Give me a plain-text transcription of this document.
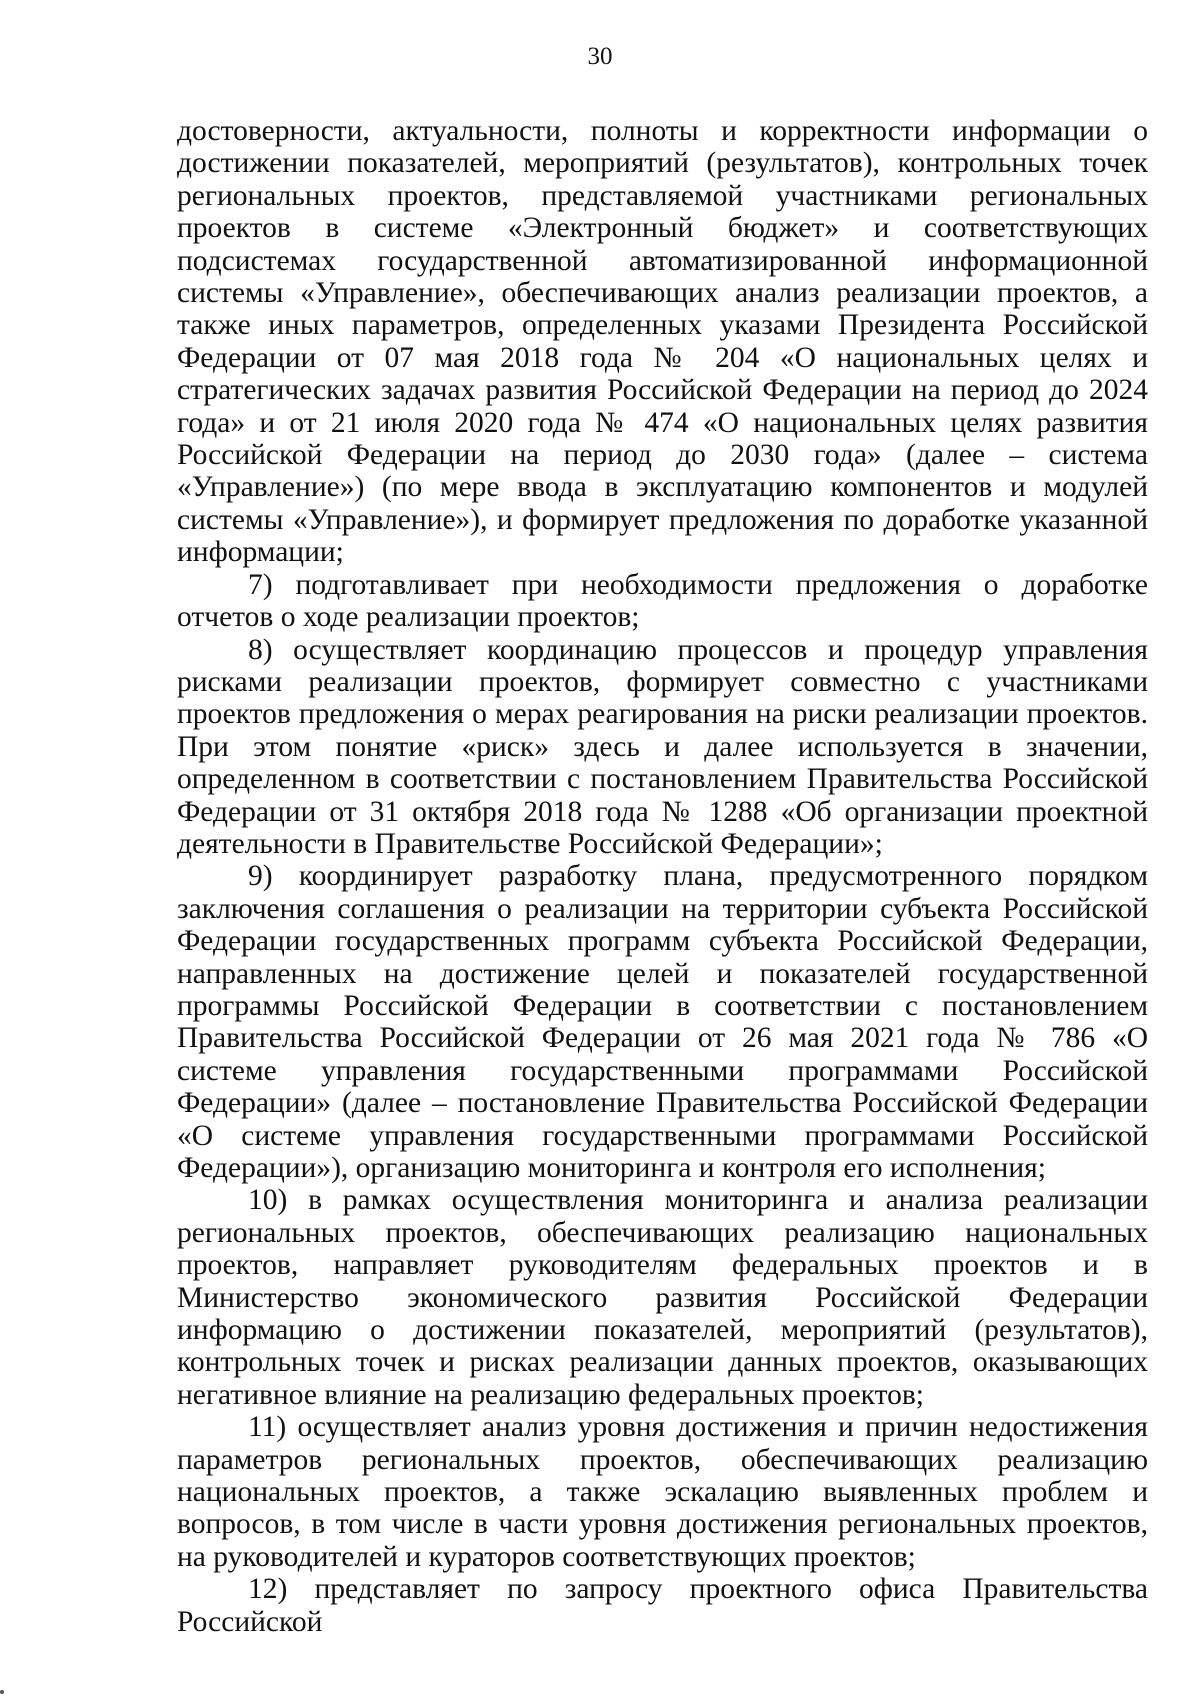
30

достоверности, актуальности, полноты и корректности информации о достижении показателей, мероприятий (результатов), контрольных точек региональных проектов, представляемой участниками региональных проектов в системе «Электронный бюджет» и соответствующих подсистемах государственной автоматизированной информационной системы «Управление», обеспечивающих анализ реализации проектов, а также иных параметров, определенных указами Президента Российской Федерации от 07 мая 2018 года № 204 «О национальных целях и стратегических задачах развития Российской Федерации на период до 2024 года» и от 21 июля 2020 года № 474 «О национальных целях развития Российской Федерации на период до 2030 года» (далее – система «Управление») (по мере ввода в эксплуатацию компонентов и модулей системы «Управление»), и формирует предложения по доработке указанной информации;

7) подготавливает при необходимости предложения о доработке отчетов о ходе реализации проектов;

8) осуществляет координацию процессов и процедур управления рисками реализации проектов, формирует совместно с участниками проектов предложения о мерах реагирования на риски реализации проектов. При этом понятие «риск» здесь и далее используется в значении, определенном в соответствии с постановлением Правительства Российской Федерации от 31 октября 2018 года № 1288 «Об организации проектной деятельности в Правительстве Российской Федерации»;

9) координирует разработку плана, предусмотренного порядком заключения соглашения о реализации на территории субъекта Российской Федерации государственных программ субъекта Российской Федерации, направленных на достижение целей и показателей государственной программы Российской Федерации в соответствии с постановлением Правительства Российской Федерации от 26 мая 2021 года № 786 «О системе управления государственными программами Российской Федерации» (далее – постановление Правительства Российской Федерации «О системе управления государственными программами Российской Федерации»), организацию мониторинга и контроля его исполнения;

10) в рамках осуществления мониторинга и анализа реализации региональных проектов, обеспечивающих реализацию национальных проектов, направляет руководителям федеральных проектов и в Министерство экономического развития Российской Федерации информацию о достижении показателей, мероприятий (результатов), контрольных точек и рисках реализации данных проектов, оказывающих негативное влияние на реализацию федеральных проектов;

11) осуществляет анализ уровня достижения и причин недостижения параметров региональных проектов, обеспечивающих реализацию национальных проектов, а также эскалацию выявленных проблем и вопросов, в том числе в части уровня достижения региональных проектов, на руководителей и кураторов соответствующих проектов;

12) представляет по запросу проектного офиса Правительства Российской
